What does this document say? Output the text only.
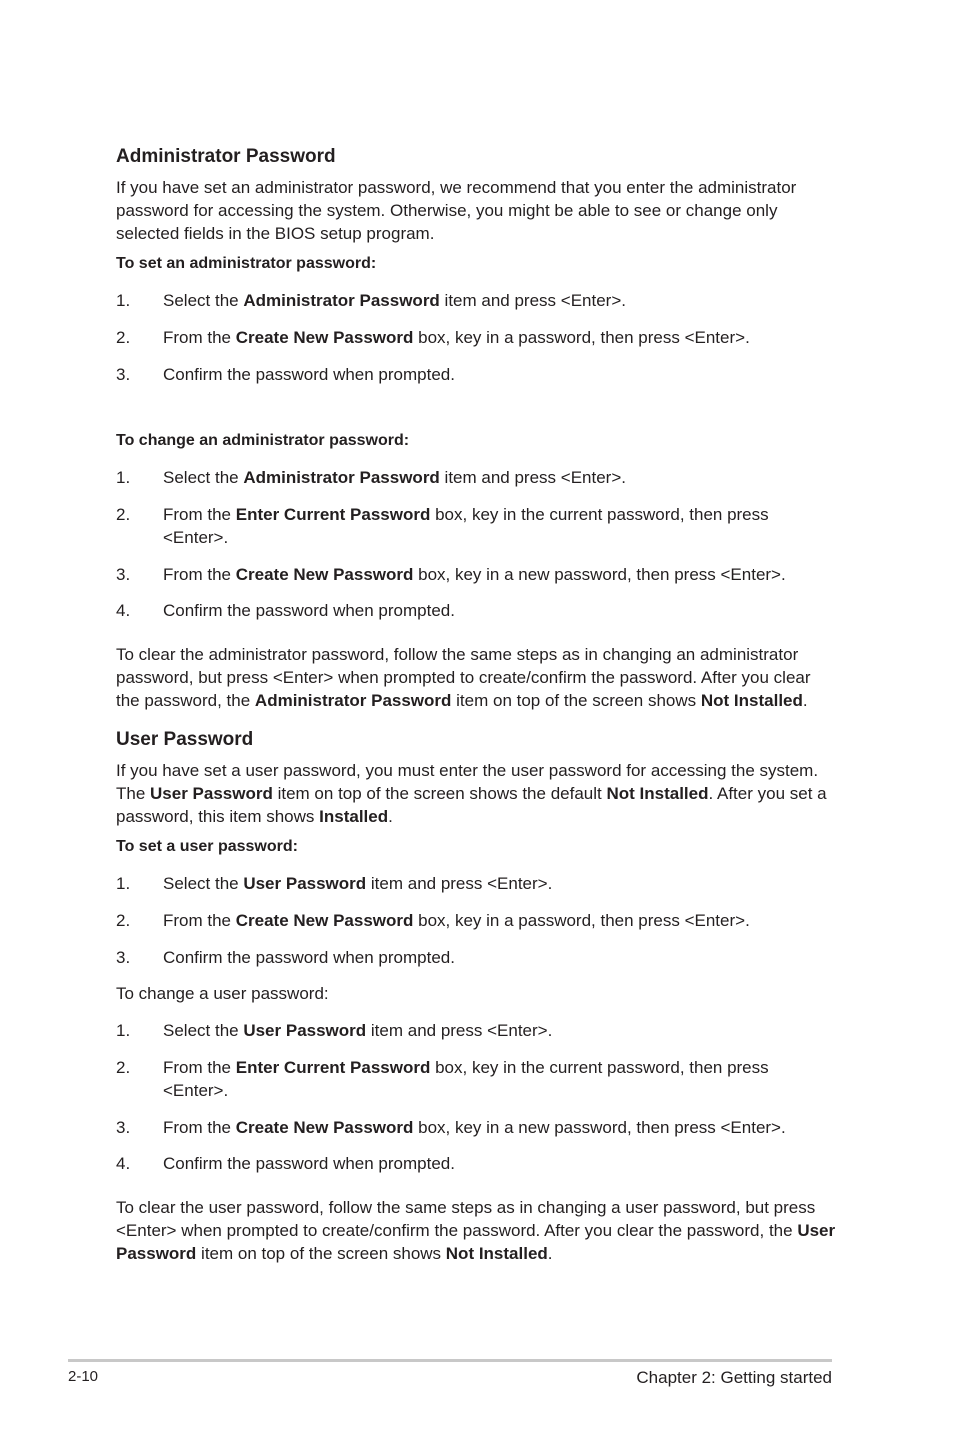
Administrator Password
If you have set an administrator password, we recommend that you enter the administrator password for accessing the system. Otherwise, you might be able to see or change only selected fields in the BIOS setup program.
To set an administrator password:
1. Select the Administrator Password item and press <Enter>.
2. From the Create New Password box, key in a password, then press <Enter>.
3. Confirm the password when prompted.
To change an administrator password:
1. Select the Administrator Password item and press <Enter>.
2. From the Enter Current Password box, key in the current password, then press <Enter>.
3. From the Create New Password box, key in a new password, then press <Enter>.
4. Confirm the password when prompted.
To clear the administrator password, follow the same steps as in changing an administrator password, but press <Enter> when prompted to create/confirm the password. After you clear the password, the Administrator Password item on top of the screen shows Not Installed.
User Password
If you have set a user password, you must enter the user password for accessing the system. The User Password item on top of the screen shows the default Not Installed. After you set a password, this item shows Installed.
To set a user password:
1. Select the User Password item and press <Enter>.
2. From the Create New Password box, key in a password, then press <Enter>.
3. Confirm the password when prompted.
To change a user password:
1. Select the User Password item and press <Enter>.
2. From the Enter Current Password box, key in the current password, then press <Enter>.
3. From the Create New Password box, key in a new password, then press <Enter>.
4. Confirm the password when prompted.
To clear the user password, follow the same steps as in changing a user password, but press <Enter> when prompted to create/confirm the password. After you clear the password, the User Password item on top of the screen shows Not Installed.
2-10	Chapter 2: Getting started
